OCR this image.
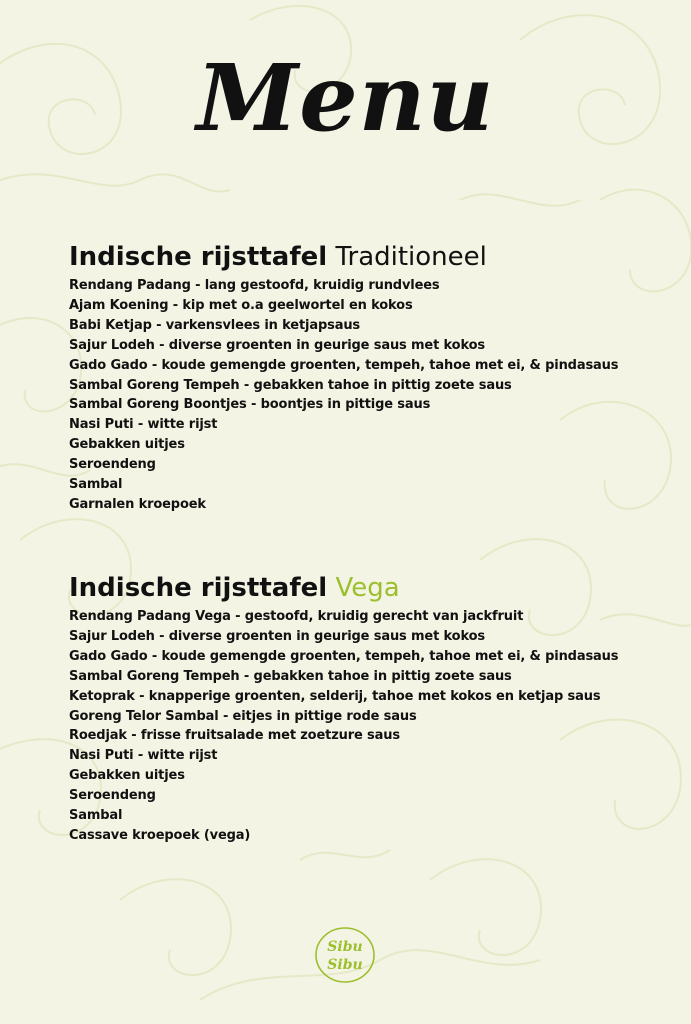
Menu
Indische rijsttafel Traditioneel
Rendang Padang - lang gestoofd, kruidig rundvlees
Ajam Koening - kip met o.a geelwortel en kokos
Babi Ketjap - varkensvlees in ketjapsaus
Sajur Lodeh - diverse groenten in geurige saus met kokos
Gado Gado - koude gemengde groenten, tempeh, tahoe met ei, & pindasaus
Sambal Goreng Tempeh - gebakken tahoe in pittig zoete saus
Sambal Goreng Boontjes - boontjes in pittige saus
Nasi Puti - witte rijst
Gebakken uitjes
Seroendeng
Sambal
Garnalen kroepoek
Indische rijsttafel Vega
Rendang Padang Vega - gestoofd, kruidig gerecht van jackfruit
Sajur Lodeh - diverse groenten in geurige saus met kokos
Gado Gado - koude gemengde groenten, tempeh, tahoe met ei, & pindasaus
Sambal Goreng Tempeh - gebakken tahoe in pittig zoete saus
Ketoprak - knapperige groenten, selderij, tahoe met kokos en ketjap saus
Goreng Telor Sambal - eitjes in pittige rode saus
Roedjak - frisse fruitsalade met zoetzure saus
Nasi Puti - witte rijst
Gebakken uitjes
Seroendeng
Sambal
Cassave kroepoek (vega)
Sibu
Sibu
